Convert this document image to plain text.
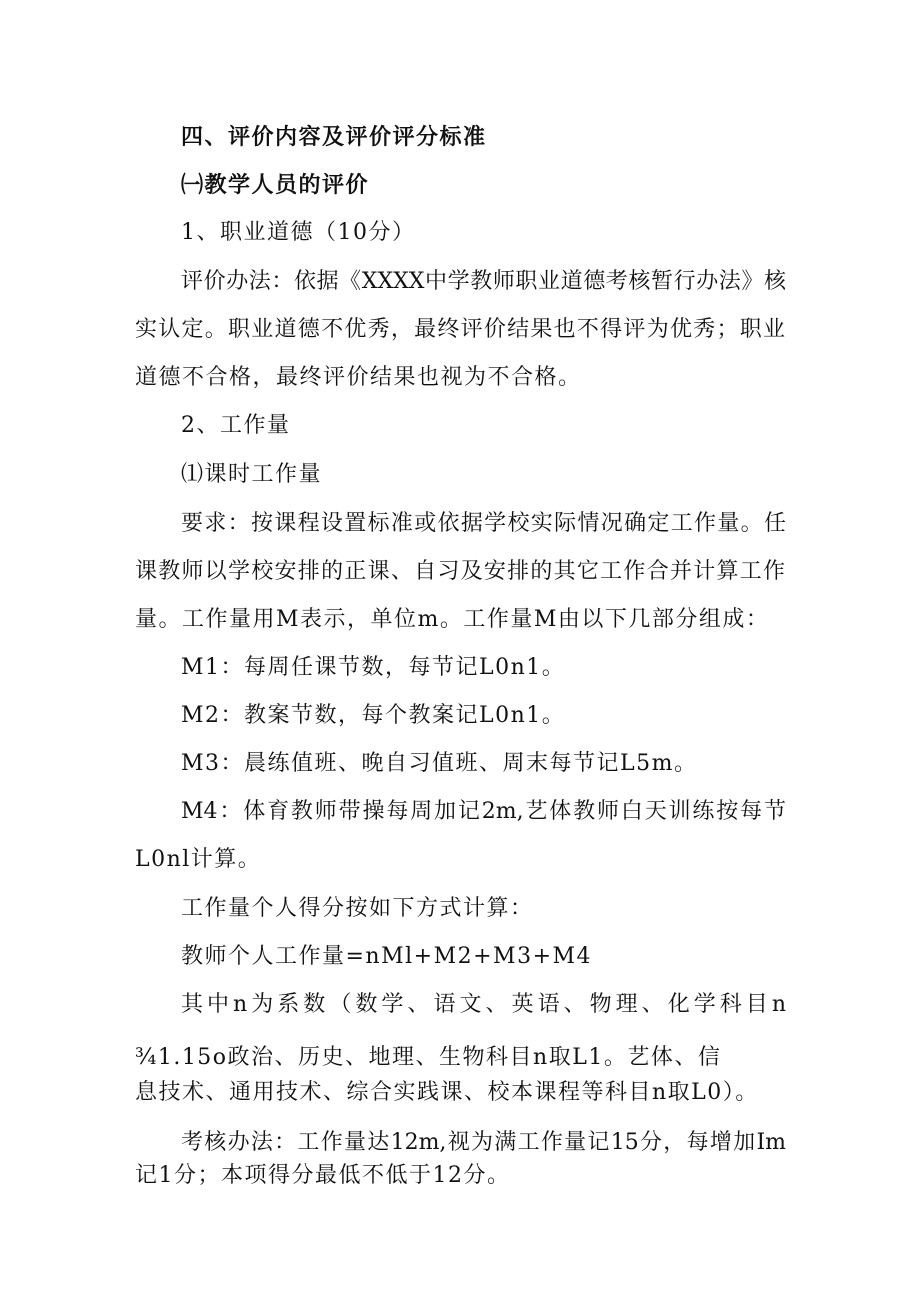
四、评价内容及评价评分标准
㈠教学人员的评价
1、职业道德（10分）
评价办法：依据《XXXX中学教师职业道德考核暂行办法》核
实认定。职业道德不优秀，最终评价结果也不得评为优秀；职业
道德不合格，最终评价结果也视为不合格。
2、工作量
⑴课时工作量
要求：按课程设置标准或依据学校实际情况确定工作量。任
课教师以学校安排的正课、自习及安排的其它工作合并计算工作
量。工作量用M表示，单位m。工作量M由以下几部分组成：
M1：每周任课节数，每节记L0n1。
M2：教案节数，每个教案记L0n1。
M3：晨练值班、晚自习值班、周末每节记L5m。
M4：体育教师带操每周加记2m,艺体教师白天训练按每节
L0nl计算。
工作量个人得分按如下方式计算：
教师个人工作量=nMl+M2+M3+M4
其中n为系数（数学、语文、英语、物理、化学科目n
¾1.15o政治、历史、地理、生物科目n取L1。艺体、信
息技术、通用技术、综合实践课、校本课程等科目n取L0）。
考核办法：工作量达12m,视为满工作量记15分，每增加Im
记1分；本项得分最低不低于12分。
